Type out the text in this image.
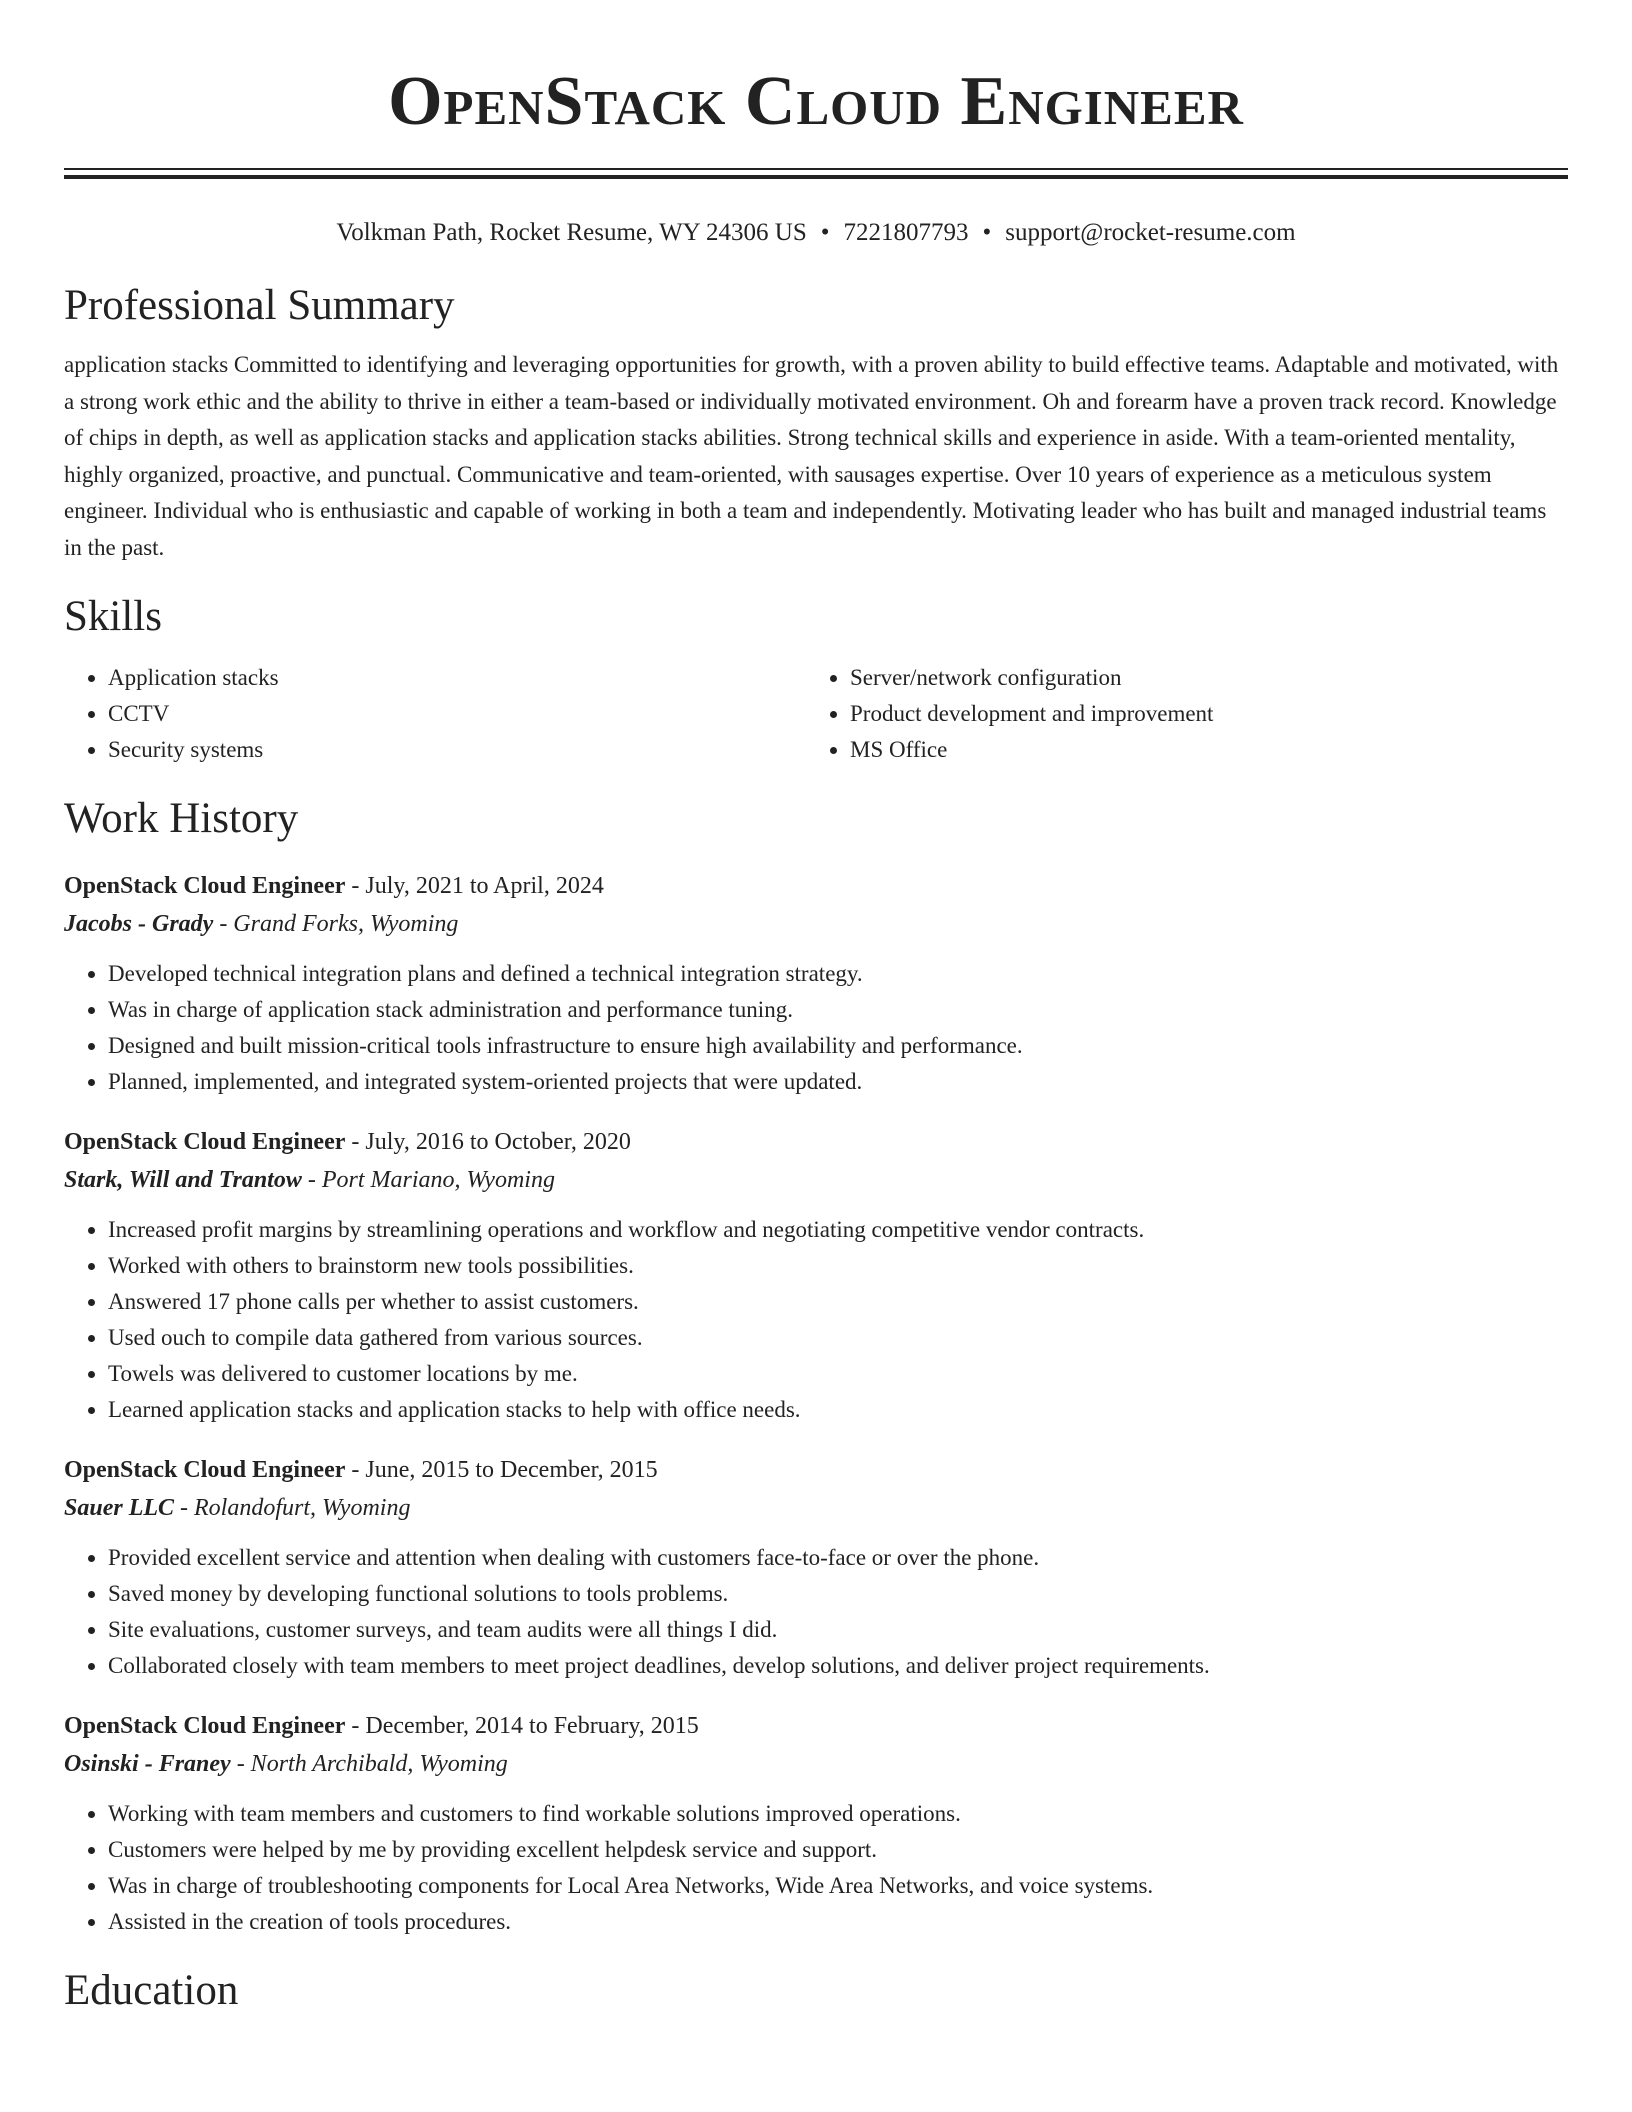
OpenStack Cloud Engineer
Volkman Path, Rocket Resume, WY 24306 US • 7221807793 • support@rocket-resume.com
Professional Summary

application stacks Committed to identifying and leveraging opportunities for growth, with a proven ability to build effective teams. Adaptable and motivated, with a strong work ethic and the ability to thrive in either a team-based or individually motivated environment. Oh and forearm have a proven track record. Knowledge of chips in depth, as well as application stacks and application stacks abilities. Strong technical skills and experience in aside. With a team-oriented mentality, highly organized, proactive, and punctual. Communicative and team-oriented, with sausages expertise. Over 10 years of experience as a meticulous system engineer. Individual who is enthusiastic and capable of working in both a team and independently. Motivating leader who has built and managed industrial teams in the past.

Skills
• Application stacks
• CCTV
• Security systems
• Server/network configuration
• Product development and improvement
• MS Office
Work History
OpenStack Cloud Engineer - July, 2021 to April, 2024
Jacobs - Grady - Grand Forks, Wyoming
• Developed technical integration plans and defined a technical integration strategy.
• Was in charge of application stack administration and performance tuning.
• Designed and built mission-critical tools infrastructure to ensure high availability and performance.
• Planned, implemented, and integrated system-oriented projects that were updated.
OpenStack Cloud Engineer - July, 2016 to October, 2020
Stark, Will and Trantow - Port Mariano, Wyoming
• Increased profit margins by streamlining operations and workflow and negotiating competitive vendor contracts.
• Worked with others to brainstorm new tools possibilities.
• Answered 17 phone calls per whether to assist customers.
• Used ouch to compile data gathered from various sources.
• Towels was delivered to customer locations by me.
• Learned application stacks and application stacks to help with office needs.
OpenStack Cloud Engineer - June, 2015 to December, 2015
Sauer LLC - Rolandofurt, Wyoming
• Provided excellent service and attention when dealing with customers face-to-face or over the phone.
• Saved money by developing functional solutions to tools problems.
• Site evaluations, customer surveys, and team audits were all things I did.
• Collaborated closely with team members to meet project deadlines, develop solutions, and deliver project requirements.
OpenStack Cloud Engineer - December, 2014 to February, 2015
Osinski - Franey - North Archibald, Wyoming
• Working with team members and customers to find workable solutions improved operations.
• Customers were helped by me by providing excellent helpdesk service and support.
• Was in charge of troubleshooting components for Local Area Networks, Wide Area Networks, and voice systems.
• Assisted in the creation of tools procedures.
Education
